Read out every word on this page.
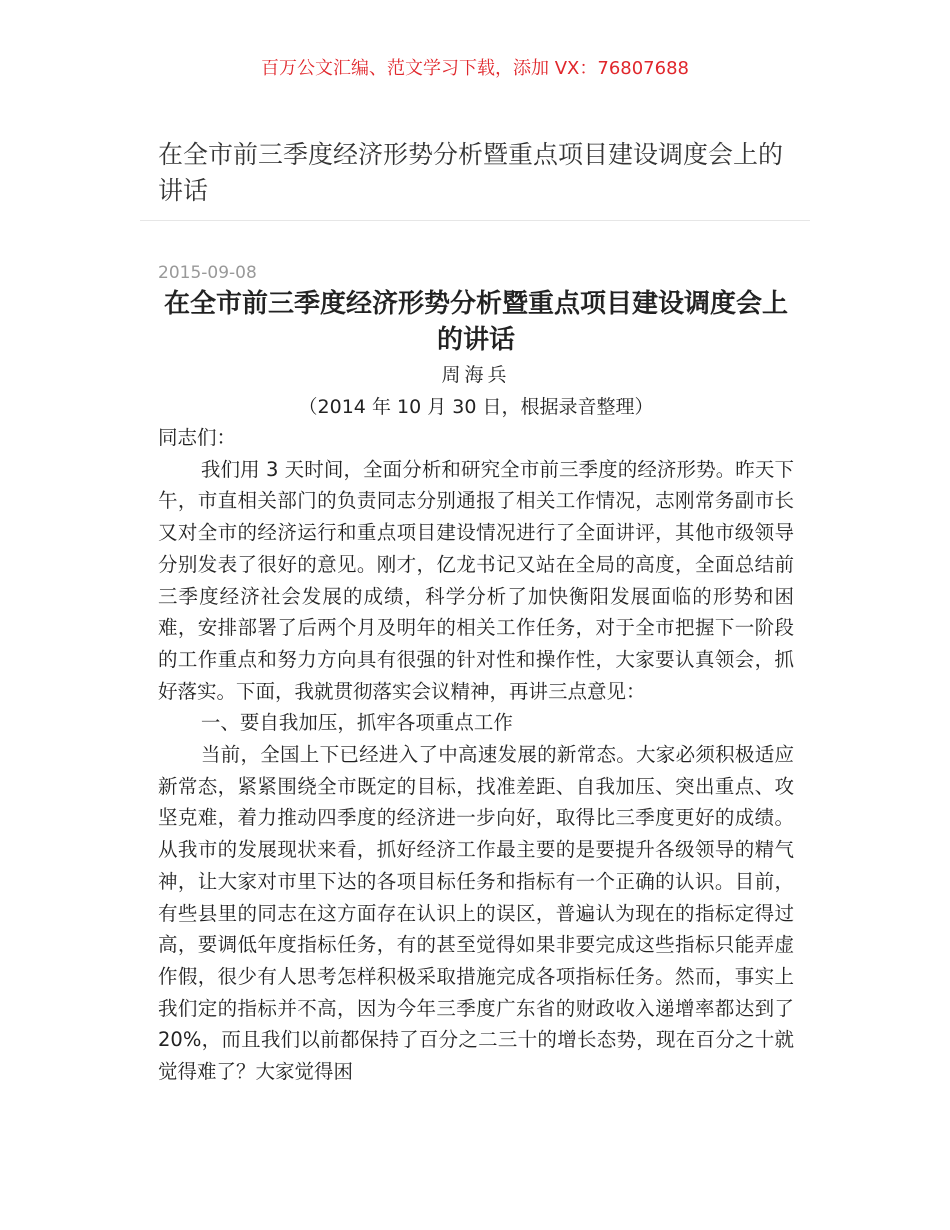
百万公文汇编、范文学习下载，添加 VX：76807688
在全市前三季度经济形势分析暨重点项目建设调度会上的讲话
2015-09-08
在全市前三季度经济形势分析暨重点项目建设调度会上的讲话
周海兵
（2014 年 10 月 30 日，根据录音整理）

同志们：

我们用 3 天时间，全面分析和研究全市前三季度的经济形势。昨天下午，市直相关部门的负责同志分别通报了相关工作情况，志刚常务副市长又对全市的经济运行和重点项目建设情况进行了全面讲评，其他市级领导分别发表了很好的意见。刚才，亿龙书记又站在全局的高度，全面总结前三季度经济社会发展的成绩，科学分析了加快衡阳发展面临的形势和困难，安排部署了后两个月及明年的相关工作任务，对于全市把握下一阶段的工作重点和努力方向具有很强的针对性和操作性，大家要认真领会，抓好落实。下面，我就贯彻落实会议精神，再讲三点意见：

一、要自我加压，抓牢各项重点工作

当前，全国上下已经进入了中高速发展的新常态。大家必须积极适应新常态，紧紧围绕全市既定的目标，找准差距、自我加压、突出重点、攻坚克难，着力推动四季度的经济进一步向好，取得比三季度更好的成绩。从我市的发展现状来看，抓好经济工作最主要的是要提升各级领导的精气神，让大家对市里下达的各项目标任务和指标有一个正确的认识。目前，有些县里的同志在这方面存在认识上的误区，普遍认为现在的指标定得过高，要调低年度指标任务，有的甚至觉得如果非要完成这些指标只能弄虚作假，很少有人思考怎样积极采取措施完成各项指标任务。然而，事实上我们定的指标并不高，因为今年三季度广东省的财政收入递增率都达到了 20%，而且我们以前都保持了百分之二三十的增长态势，现在百分之十就觉得难了？大家觉得困
